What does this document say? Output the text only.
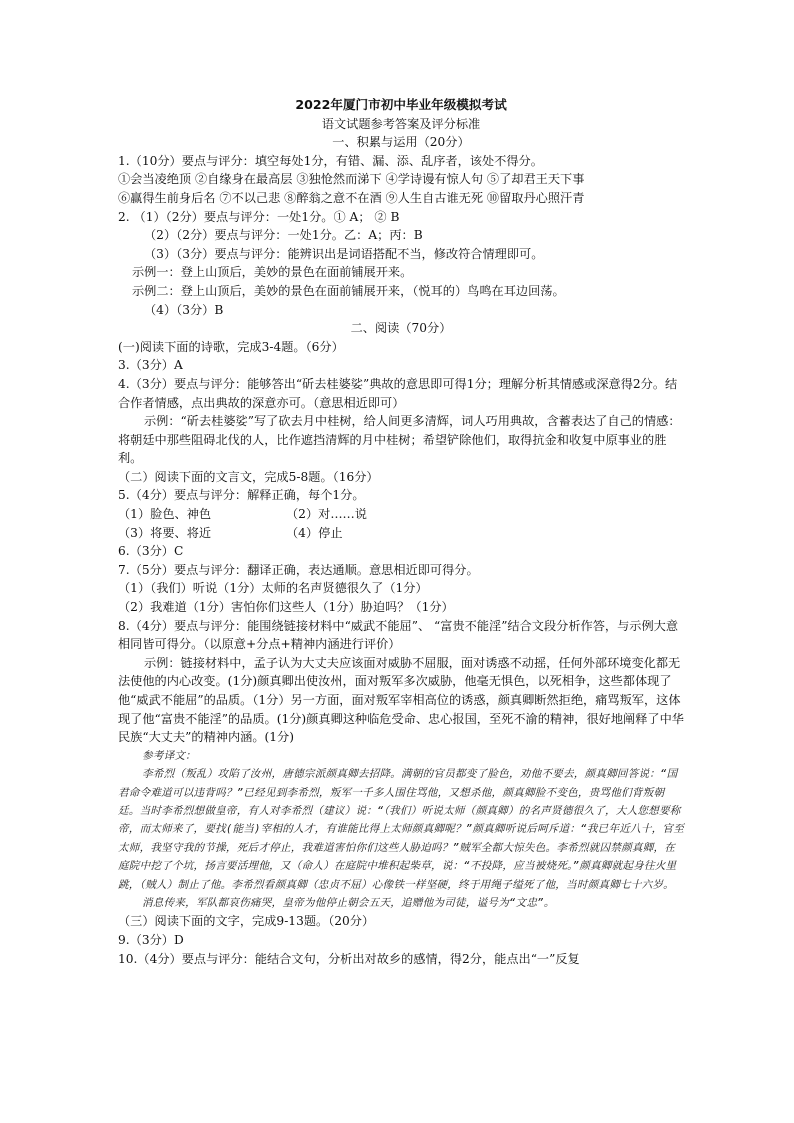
2022年厦门市初中毕业年级模拟考试
语文试题参考答案及评分标准
一、积累与运用（20分）
1.（10分）要点与评分：填空每处1分，有错、漏、添、乱序者，该处不得分。
①会当凌绝顶 ②自缘身在最高层 ③独怆然而涕下 ④学诗谩有惊人句 ⑤了却君王天下事
⑥赢得生前身后名 ⑦不以己悲 ⑧醉翁之意不在酒 ⑨人生自古谁无死 ⑩留取丹心照汗青
2. （1）（2分）要点与评分：一处1分。① A； ② B
（2）（2分）要点与评分：一处1分。乙：A；丙：B
（3）（3分）要点与评分：能辨识出是词语搭配不当，修改符合情理即可。
示例一：登上山顶后，美妙的景色在面前铺展开来。
示例二：登上山顶后，美妙的景色在面前铺展开来，（悦耳的）鸟鸣在耳边回荡。
（4）（3分）B
二、阅读（70分）
(一)阅读下面的诗歌，完成3-4题。（6分）
3.（3分）A
4.（3分）要点与评分：能够答出“斫去桂婆娑”典故的意思即可得1分；理解分析其情感或深意得2分。结合作者情感，点出典故的深意亦可。（意思相近即可）
示例：“斫去桂婆娑”写了砍去月中桂树，给人间更多清辉，词人巧用典故，含蓄表达了自己的情感：将朝廷中那些阻碍北伐的人，比作遮挡清辉的月中桂树；希望铲除他们，取得抗金和收复中原事业的胜利。
（二）阅读下面的文言文，完成5-8题。（16分）
5.（4分）要点与评分：解释正确，每个1分。
（1）脸色、神色	（2）对……说
（3）将要、将近	（4）停止
6.（3分）C
7.（5分）要点与评分：翻译正确，表达通顺。意思相近即可得分。
（1）（我们）听说（1分）太师的名声贤德很久了（1分）
（2）我难道（1分）害怕你们这些人（1分）胁迫吗？（1分）
8.（4分）要点与评分：能围绕链接材料中“威武不能屈”、 “富贵不能淫”结合文段分析作答，与示例大意相同皆可得分。（以原意+分点+精神内涵进行评价）
示例：链接材料中，孟子认为大丈夫应该面对威胁不屈服，面对诱惑不动摇，任何外部环境变化都无法使他的内心改变。(1分)颜真卿出使汝州，面对叛军多次威胁，他毫无惧色，以死相争，这些都体现了他“威武不能屈”的品质。（1分）另一方面，面对叛军宰相高位的诱惑，颜真卿断然拒绝，痛骂叛军，这体现了他“富贵不能淫”的品质。(1分)颜真卿这种临危受命、忠心报国，至死不渝的精神，很好地阐释了中华民族“大丈夫”的精神内涵。(1分)
参考译文：
李希烈（叛乱）攻陷了汝州，唐德宗派颜真卿去招降。满朝的官员都变了脸色，劝他不要去，颜真卿回答说：“国君命令难道可以违背吗？”已经见到李希烈，叛军一千多人围住骂他，又想杀他，颜真卿脸不变色，贵骂他们背叛朝廷。当时李希烈想做皇帝，有人对李希烈（建议）说：“（我们）听说太师（颜真卿）的名声贤德很久了，大人您想要称帝，而太师来了，要找(能当)宰相的人才，有谁能比得上太师颜真卿呢？”颜真卿听说后呵斥道：“我已年近八十，官至太师，我坚守我的节操，死后才停止，我难道害怕你们这些人胁迫吗？”贼军全都大惊失色。李希烈就囚禁颜真卿，在庭院中挖了个坑，扬言要活埋他，又（命人）在庭院中堆积起柴草，说：“不投降，应当被烧死。”颜真卿就起身往火里跳，（贼人）制止了他。李希烈看颜真卿（忠贞不屈）心像铁一样坚硬，终于用绳子缢死了他，当时颜真卿七十六岁。
消息传来，军队都哀伤痛哭，皇帝为他停止朝会五天，追赠他为司徒，谥号为“文忠”。
（三）阅读下面的文字，完成9-13题。（20分）
9.（3分）D
10.（4分）要点与评分：能结合文句，分析出对故乡的感情，得2分，能点出“一”反复
